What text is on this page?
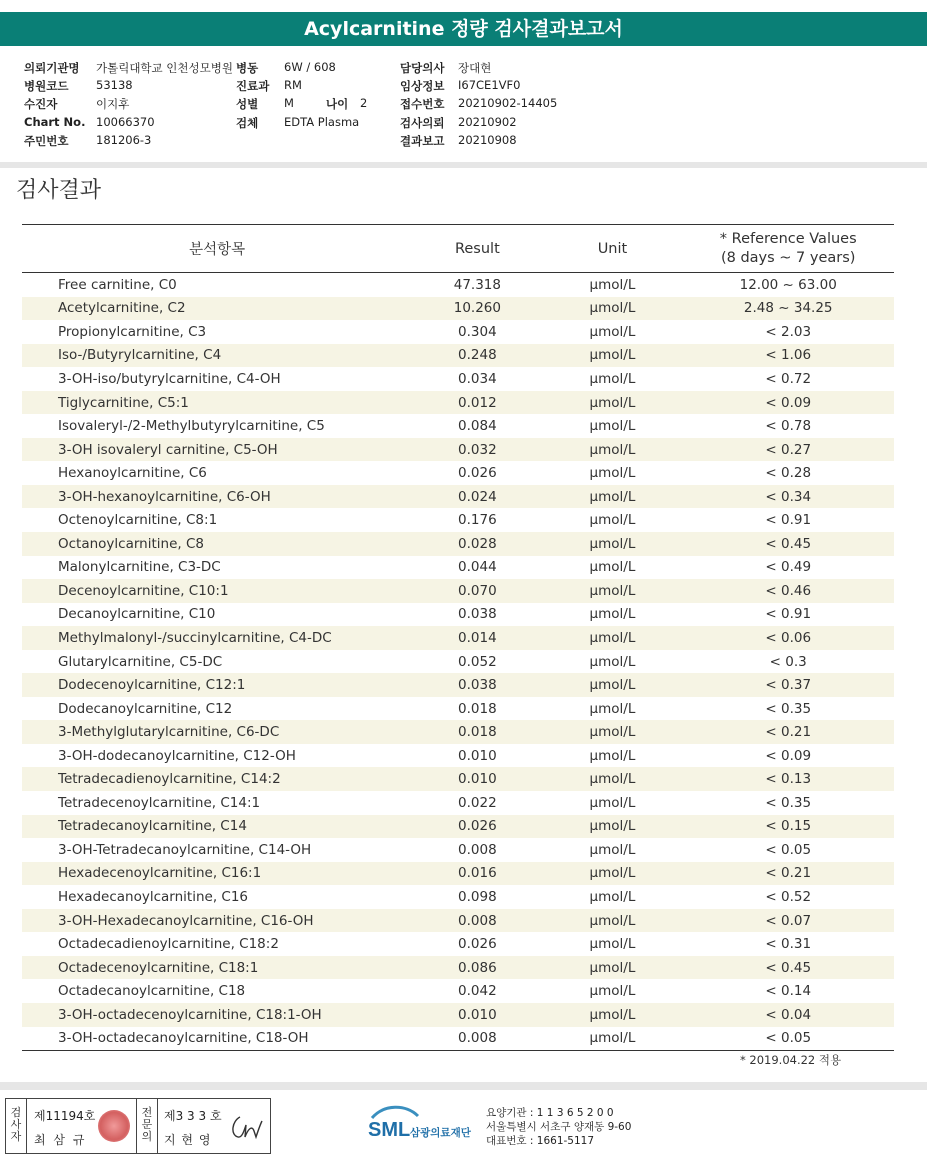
Acylcarnitine 정량 검사결과보고서
의뢰기관명 가톨릭대학교 인천성모병원
병원코드 53138
수진자	이지후
Chart No. 10066370
주민번호 181206-3
병동 6W / 608
진료과 RM
성별 M
검체 EDTA Plasma
담당의사 장대현
임상정보 I67CE1VF0
접수번호 20210902-14405
검사의뢰 20210902
결과보고 20210908
나이 2
검사결과
분석항목	Result	Unit	* Reference Values
(8 days ~ 7 years)

Free carnitine, C0	47.318	μmol/L	12.00 ~ 63.00
Acetylcarnitine, C2	10.260	μmol/L	2.48 ~ 34.25
Propionylcarnitine, C3	0.304	μmol/L	< 2.03
Iso-/Butyrylcarnitine, C4	0.248	μmol/L	< 1.06
3-OH-iso/butyrylcarnitine, C4-OH	0.034	μmol/L	< 0.72
Tiglycarnitine, C5:1	0.012	μmol/L	< 0.09
Isovaleryl-/2-Methylbutyrylcarnitine, C5	0.084	μmol/L	< 0.78
3-OH isovaleryl carnitine, C5-OH	0.032	μmol/L	< 0.27
Hexanoylcarnitine, C6	0.026	μmol/L	< 0.28
3-OH-hexanoylcarnitine, C6-OH	0.024	μmol/L	< 0.34
Octenoylcarnitine, C8:1	0.176	μmol/L	< 0.91
Octanoylcarnitine, C8	0.028	μmol/L	< 0.45
Malonylcarnitine, C3-DC	0.044	μmol/L	< 0.49
Decenoylcarnitine, C10:1	0.070	μmol/L	< 0.46
Decanoylcarnitine, C10	0.038	μmol/L	< 0.91
Methylmalonyl-/succinylcarnitine, C4-DC	0.014	μmol/L	< 0.06
Glutarylcarnitine, C5-DC	0.052	μmol/L	< 0.3
Dodecenoylcarnitine, C12:1	0.038	μmol/L	< 0.37
Dodecanoylcarnitine, C12	0.018	μmol/L	< 0.35
3-Methylglutarylcarnitine, C6-DC	0.018	μmol/L	< 0.21
3-OH-dodecanoylcarnitine, C12-OH	0.010	μmol/L	< 0.09
Tetradecadienoylcarnitine, C14:2	0.010	μmol/L	< 0.13
Tetradecenoylcarnitine, C14:1	0.022	μmol/L	< 0.35
Tetradecanoylcarnitine, C14	0.026	μmol/L	< 0.15
3-OH-Tetradecanoylcarnitine, C14-OH	0.008	μmol/L	< 0.05
Hexadecenoylcarnitine, C16:1	0.016	μmol/L	< 0.21
Hexadecanoylcarnitine, C16	0.098	μmol/L	< 0.52
3-OH-Hexadecanoylcarnitine, C16-OH	0.008	μmol/L	< 0.07
Octadecadienoylcarnitine, C18:2	0.026	μmol/L	< 0.31
Octadecenoylcarnitine, C18:1	0.086	μmol/L	< 0.45
Octadecanoylcarnitine, C18	0.042	μmol/L	< 0.14
3-OH-octadecenoylcarnitine, C18:1-OH	0.010	μmol/L	< 0.04
3-OH-octadecanoylcarnitine, C18-OH	0.008	μmol/L	< 0.05
* 2019.04.22 적용
검
사
자
제11194호
최 삼 규
전
문
의
제3 3 3 호
지 현 영	SML 삼광의료재단
요양기관 : 1 1 3 6 5 2 0 0
서울특별시 서초구 양재동 9-60
대표번호 : 1661-5117
